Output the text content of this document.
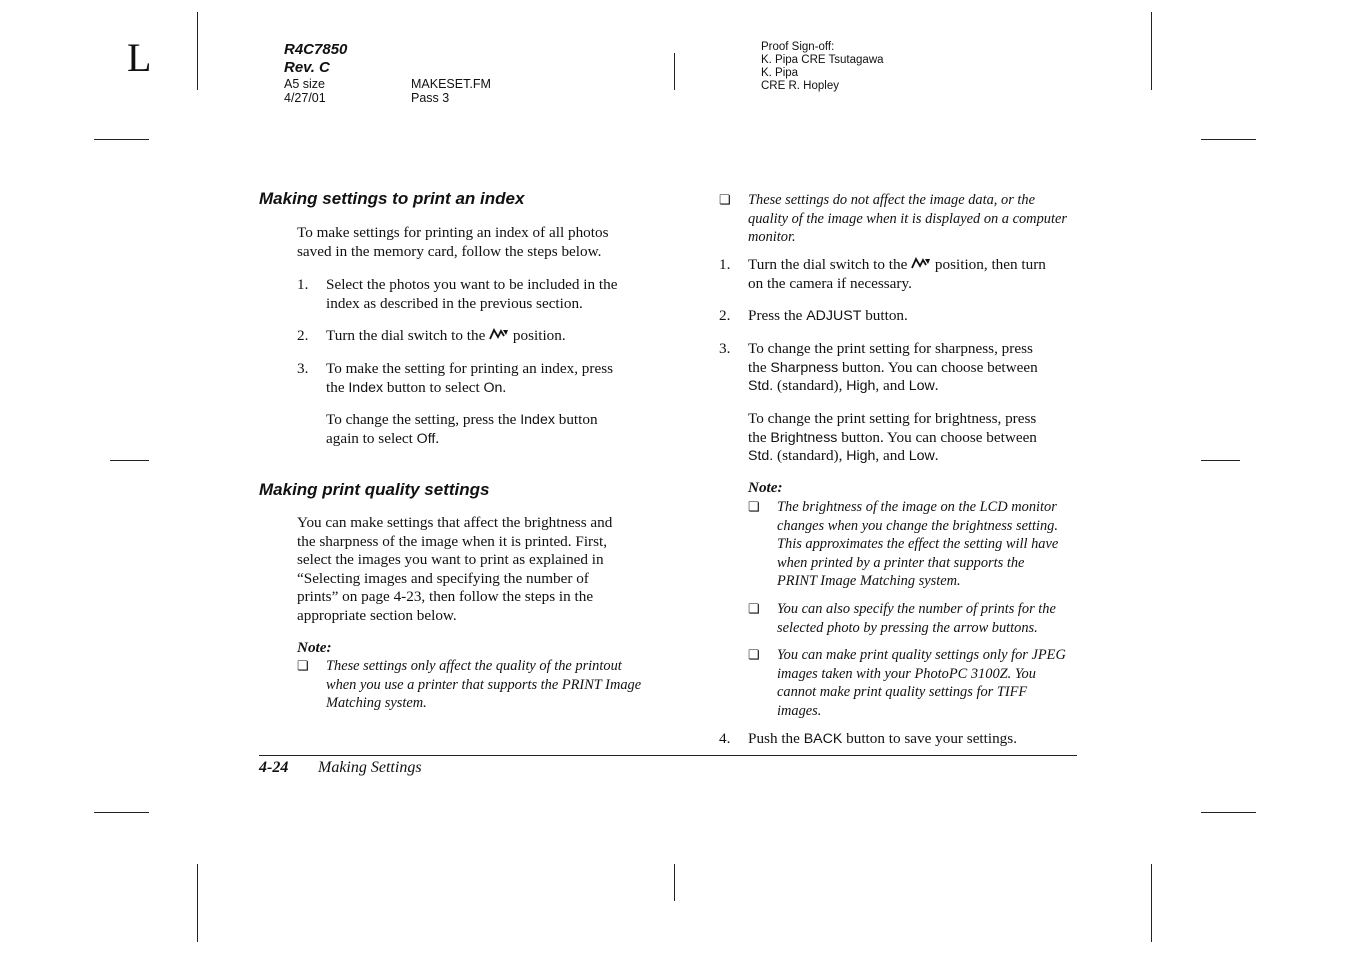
L	R4C7850
Rev. C
A5 size
4/27/01
MAKESET.FM
Pass 3
Proof Sign-off:
K. Pipa CRE Tsutagawa
K. Pipa
CRE R. Hopley
Making settings to print an index
To make settings for printing an index of all photos
saved in the memory card, follow the steps below.
1. Select the photos you want to be included in the
index as described in the previous section.
2. Turn the dial switch to the position.
3. To make the setting for printing an index, press
the Index button to select On.
To change the setting, press the Index button
again to select Off.
Making print quality settings
You can make settings that affect the brightness and
the sharpness of the image when it is printed. First,
select the images you want to print as explained in
“Selecting images and specifying the number of
prints” on page 4-23, then follow the steps in the
appropriate section below.
Note:
❏ These settings only affect the quality of the printout
when you use a printer that supports the PRINT Image
Matching system.
❏ These settings do not affect the image data, or the
quality of the image when it is displayed on a computer
monitor.
1. Turn the dial switch to the position, then turn
on the camera if necessary.
2. Press the ADJUST button.
3. To change the print setting for sharpness, press
the Sharpness button. You can choose between
Std. (standard), High, and Low.
To change the print setting for brightness, press
the Brightness button. You can choose between
Std. (standard), High, and Low.
Note:
❏ The brightness of the image on the LCD monitor
changes when you change the brightness setting.
This approximates the effect the setting will have
when printed by a printer that supports the
PRINT Image Matching system.
❏ You can also specify the number of prints for the
selected photo by pressing the arrow buttons.
❏ You can make print quality settings only for JPEG
images taken with your PhotoPC 3100Z. You
cannot make print quality settings for TIFF
images.
4. Push the BACK button to save your settings.
4-24 Making Settings
